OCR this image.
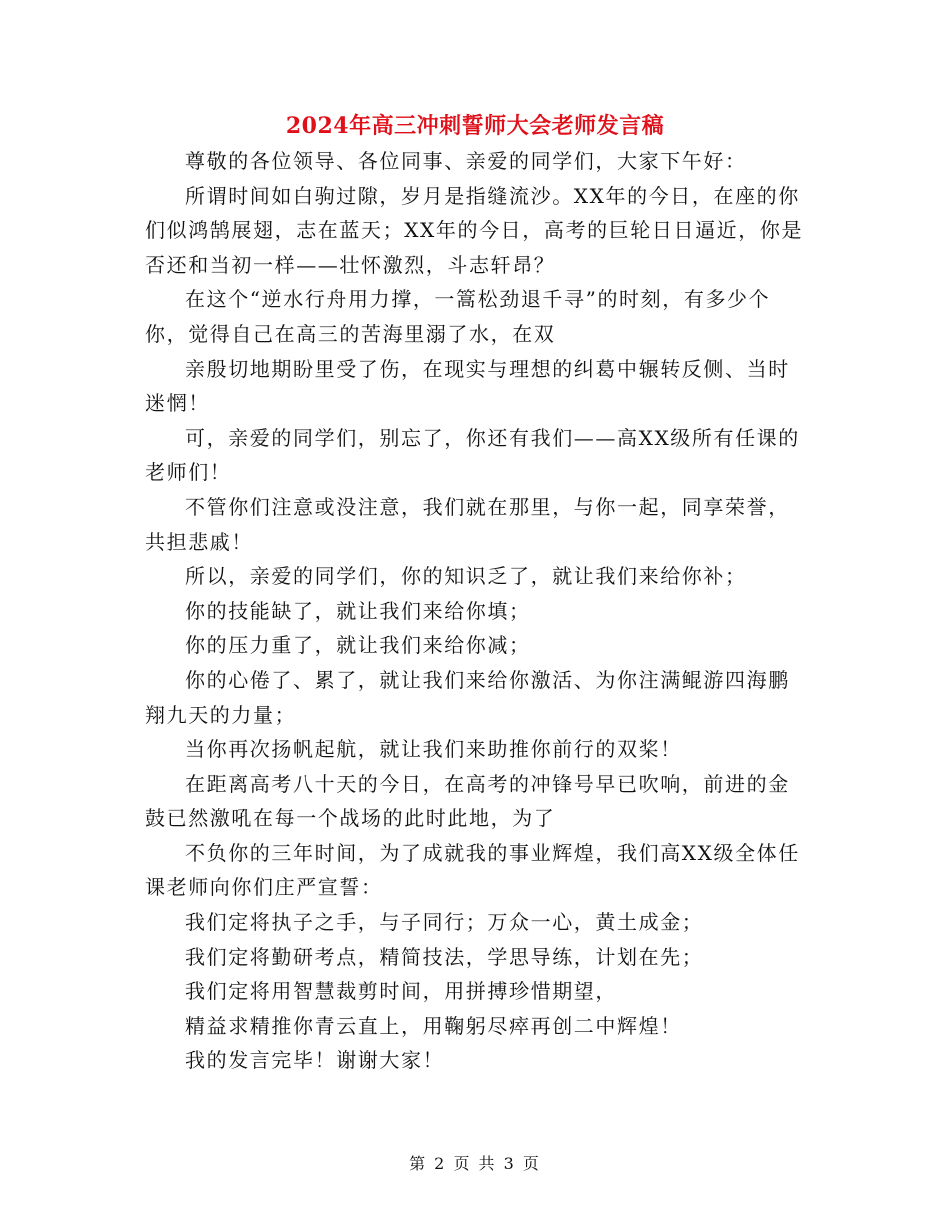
2024年高三冲刺誓师大会老师发言稿

尊敬的各位领导、各位同事、亲爱的同学们，大家下午好：

所谓时间如白驹过隙，岁月是指缝流沙。XX年的今日，在座的你们似鸿鹄展翅，志在蓝天；XX年的今日，高考的巨轮日日逼近，你是否还和当初一样——壮怀激烈，斗志轩昂？

在这个“逆水行舟用力撑，一篙松劲退千寻”的时刻，有多少个你，觉得自己在高三的苦海里溺了水，在双

亲殷切地期盼里受了伤，在现实与理想的纠葛中辗转反侧、当时迷惘！

可，亲爱的同学们，别忘了，你还有我们——高XX级所有任课的老师们！

不管你们注意或没注意，我们就在那里，与你一起，同享荣誉，共担悲戚！

所以，亲爱的同学们，你的知识乏了，就让我们来给你补；

你的技能缺了，就让我们来给你填；

你的压力重了，就让我们来给你减；

你的心倦了、累了，就让我们来给你激活、为你注满鲲游四海鹏翔九天的力量；

当你再次扬帆起航，就让我们来助推你前行的双桨！

在距离高考八十天的今日，在高考的冲锋号早已吹响，前进的金鼓已然激吼在每一个战场的此时此地，为了

不负你的三年时间，为了成就我的事业辉煌，我们高XX级全体任课老师向你们庄严宣誓：

我们定将执子之手，与子同行；万众一心，黄土成金；

我们定将勤研考点，精简技法，学思导练，计划在先；

我们定将用智慧裁剪时间，用拼搏珍惜期望，

精益求精推你青云直上，用鞠躬尽瘁再创二中辉煌！

我的发言完毕！谢谢大家！

第 2 页 共 3 页
